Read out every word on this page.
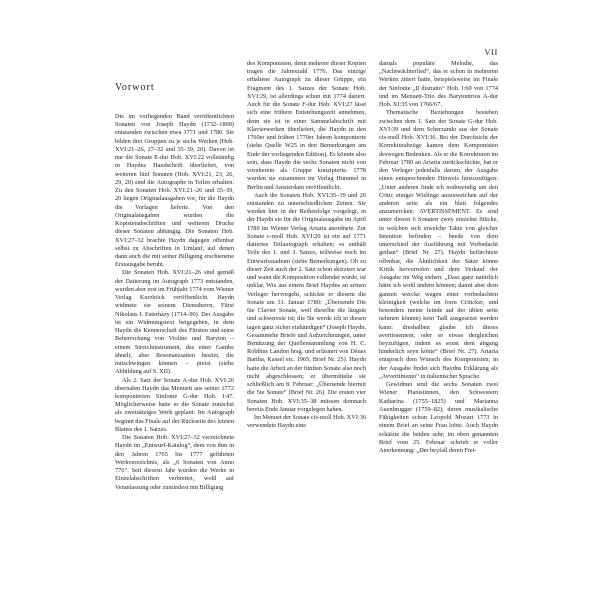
VII
Vorwort

Die im vorliegenden Band veröffentlichten Sonaten von Joseph Haydn (1732–1809) entstanden zwischen etwa 1771 und 1780. Sie bilden drei Gruppen zu je sechs Werken (Hob. XVI:21–26, 27–32 und 35–39, 20). Davon ist nur die Sonate E-dur Hob. XVI:22 vollständig in Haydns Handschrift überliefert, von weiteren fünf Sonaten (Hob. XVI:21, 23, 26, 29, 20) sind die Autographe in Teilen erhalten. Zu den Sonaten Hob. XVI:21–26 und 35–39, 20 liegen Originalausgaben vor, für die Haydn die Vorlagen lieferte. Von den Originalausgaben wurden die Kopistenabschriften und weiteren Drucke dieser Sonaten abhängig. Die Sonaten Hob. XVI:27–32 brachte Haydn dagegen offenbar selbst zu Abschriften in Umlauf, auf denen dann auch die mit seiner Billigung erschienene Erstausgabe beruht.

Die Sonaten Hob. XVI:21–26 sind gemäß der Datierung im Autograph 1773 entstanden, wurden aber erst im Frühjahr 1774 vom Wiener Verlag Kurzböck veröffentlicht. Haydn widmete sie seinem Dienstherrn, Fürst Nikolaus I. Esterházy (1714–90). Der Ausgabe ist ein Widmungstext beigegeben, in dem Haydn die Kennerschaft des Fürsten und seine Beherrschung von Violine und Baryton – einem Streichinstrument, das einer Gambe ähnelt, aber Resonanzsaiten besitzt, die mitschwingen können – preist (siehe Abbildung auf S. XII).

Als 2. Satz der Sonate A-dur Hob. XVI:26 übernahm Haydn das Menuett aus seiner 1772 komponierten Sinfonie G-dur Hob. I:47. Möglicherweise hatte er die Sonate zunächst als zweisätziges Werk geplant: Im Autograph beginnt das Finale auf der Rückseite des letzten Blattes des 1. Satzes.

Die Sonaten Hob. XVI:27–32 verzeichnete Haydn im „Entwurf-Katalog“, dem von ihm in den Jahren 1765 bis 1777 geführten Werkverzeichnis, als „6 Sonaten von Anno 776“. Seit diesem Jahr wurden die Werke in Einzelabschriften verbreitet, wohl auf Veranlassung oder zumindest mit Billigung

des Komponisten, denn mehrere dieser Kopien tragen die Jahreszahl 1776. Das einzige erhaltene Autograph zu dieser Gruppe, ein Fragment des 1. Satzes der Sonate Hob. XVI:29, ist allerdings schon mit 1774 datiert. Auch für die Sonate F-dur Hob. XVI:27 lässt sich eine frühere Entstehungszeit annehmen, denn sie ist in einer Sammelabschrift mit Klavierwerken überliefert, die Haydn in den 1760er und frühen 1770er Jahren komponierte (siehe Quelle W25 in den Bemerkungen am Ende der vorliegenden Edition). Es könnte also sein, dass Haydn die sechs Sonaten nicht von vornherein als Gruppe konzipierte. 1778 wurden sie zusammen im Verlag Hummel in Berlin und Amsterdam veröffentlicht.

Auch die Sonaten Hob. XVI:35–39 und 20 entstanden zu unterschiedlichen Zeiten. Sie werden hier in der Reihenfolge vorgelegt, in der Haydn sie für die Originalausgabe im April 1780 im Wiener Verlag Artaria anordnete. Zur Sonate c-moll Hob. XVI:20 ist ein auf 1771 datiertes Teilautograph erhalten; es enthält Teile des 1. und 3. Satzes, teilweise noch im Entwurfsstadium (siehe Bemerkungen). Ob zu dieser Zeit auch der 2. Satz schon skizziert war und wann die Komposition vollendet wurde, ist unklar. Wie aus einem Brief Haydns an seinen Verleger hervorgeht, schickte er diesem die Sonate am 31. Januar 1780: „Übersende Die 6te Clavier Sonate, weil dieselbe die längste und schwereste ist; die 5te werde ich in diesen tagen ganz sicher einhändigen“ (Joseph Haydn, Gesammelte Briefe und Aufzeichnungen, unter Benützung der Quellensammlung von H. C. Robbins Landon hrsg. und erläutert von Dénes Bartha, Kassel etc. 1965, Brief Nr. 25). Haydn hatte die Arbeit an der fünften Sonate also noch nicht abgeschlossen; er übermittelte sie schließlich am 8. Februar: „Übersende hiermit die 5te Sonate“ (Brief Nr. 26). Die ersten vier Sonaten Hob. XVI:35–38 müssen demnach bereits Ende Januar vorgelegen haben.

Im Menuet der Sonate cis-moll Hob. XVI:36 verwendete Haydn eine

damals populäre Melodie, das „Nachtwächterlied“, das er schon in mehreren Werken zitiert hatte, beispielsweise im Finale der Sinfonie „Il distratto“ Hob. I:60 von 1774 und im Menuett-Trio des Barytontrios A-dur Hob. XI:35 von 1766/67.

Thematische Beziehungen bestehen zwischen dem 1. Satz der Sonate G-dur Hob. XVI:39 und dem Scherzando aus der Sonate cis-moll Hob. XVI:36. Bei der Durchsicht der Korrekturabzüge kamen dem Komponisten deswegen Bedenken. Als er die Korrekturen im Februar 1780 an Artaria zurückschickte, bat er den Verleger jedenfalls darum, der Ausgabe einen entsprechenden Hinweis hinzuzufügen: „Unter anderen finde ich nothwendig um den Critic einiger Wizlinge auszuweichen auf der anderen seite als ein blatt folgendes anzumercken: AVERTISSEMENT. Es sind unter diesen 6 Sonaten zwey einzelne Stücke, in welchen sich etwelche Takte von gleicher Intention befinden – beede von dem unterschied der Ausführung mit Vorbedacht gethan“ (Brief Nr. 27). Haydn befürchtete offenbar, die Ähnlichkeit der Sätze könne Kritik hervorrufen und dem Verkauf der Ausgabe im Weg stehen: „Dass ganz natürlich hätte ich wohl ändern können; damit aber dem ganzen wercke wegen einer vorbedachten kleinigkeit (welche im form Criticker, und besonders meine feinde auf der üblen seite nehmen könten) kein Tadl ausgesezet werden kann: dreshalben glaube ich dieses avertissement, oder so etwas dergleichen beyzufügen, indem es sonst dem abgang hinderlich seyn könte“ (Brief Nr. 27). Artaria entsprach dem Wunsch des Komponisten; in der Ausgabe findet sich Haydns Erklärung als „Avvertimento“ in italienischer Sprache.

Gewidmet sind die sechs Sonaten zwei Wiener Pianistinnen, den Schwestern Katharina (1755–1825) und Marianna Auenbrugger (1759–82), deren musikalische Fähigkeiten schon Leopold Mozart 1773 in einem Brief an seine Frau lobte. Auch Haydn schätzte die beiden sehr; im oben genannten Brief vom 25. Februar schrieb er voller Anerkennung: „Der beyfall deren Frei-
